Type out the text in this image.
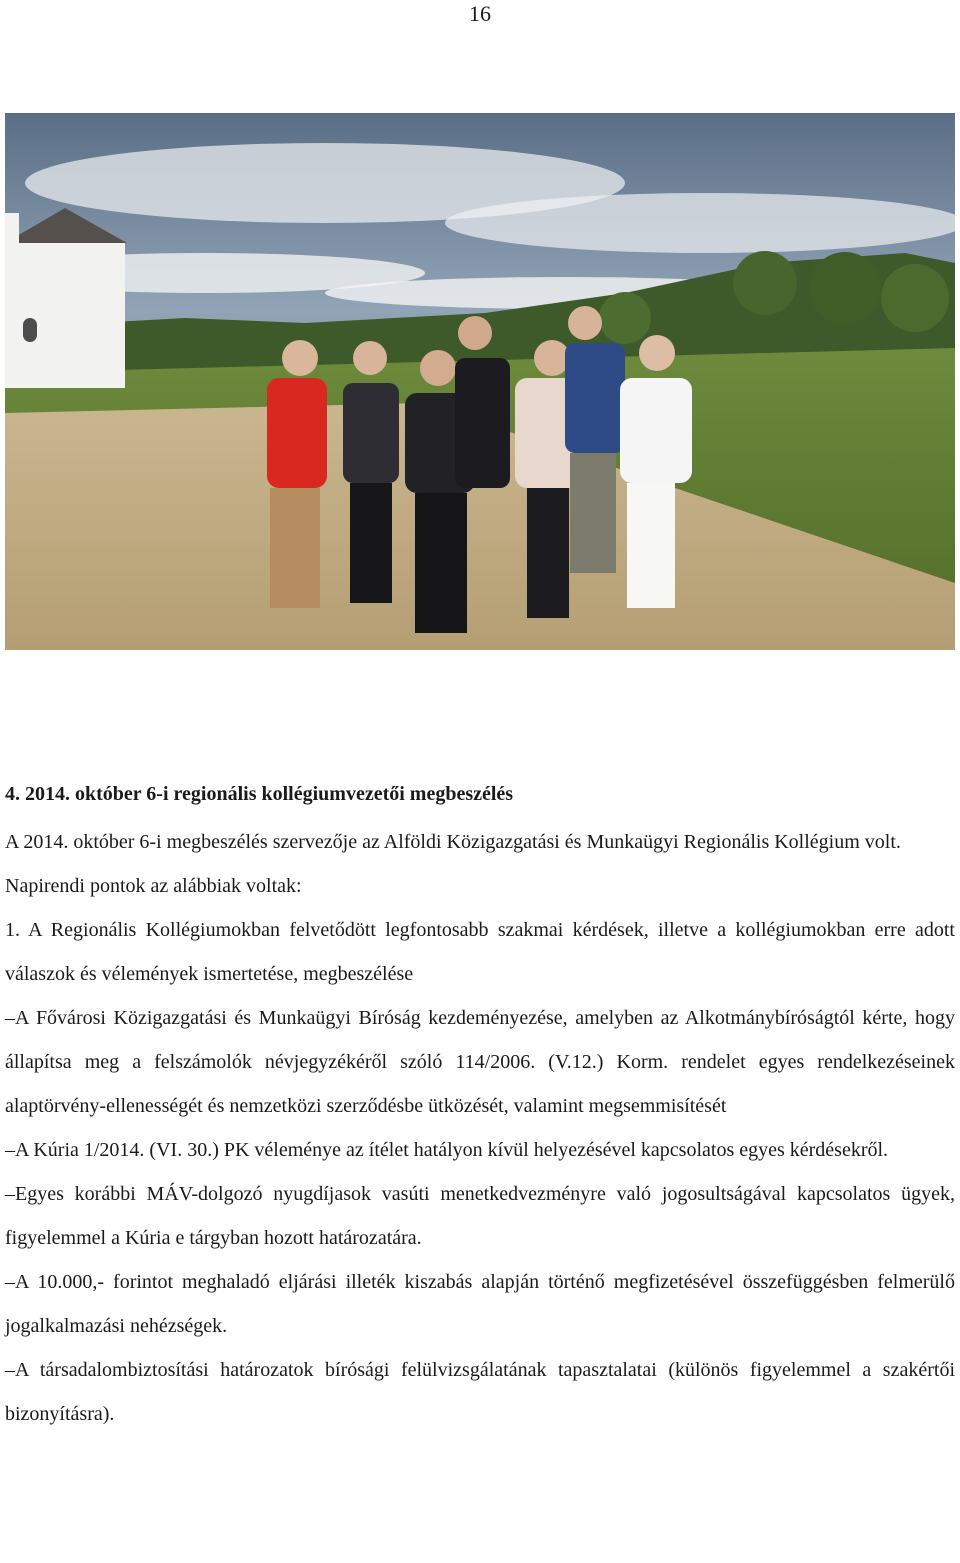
16

4. 2014. október 6-i regionális kollégiumvezetői megbeszélés

A 2014. október 6-i megbeszélés szervezője az Alföldi Közigazgatási és Munkaügyi Regionális Kollégium volt.

Napirendi pontok az alábbiak voltak:

1. A Regionális Kollégiumokban felvetődött legfontosabb szakmai kérdések, illetve a kollégiumokban erre adott válaszok és vélemények ismertetése, megbeszélése

–A Fővárosi Közigazgatási és Munkaügyi Bíróság kezdeményezése, amelyben az Alkotmánybíróságtól kérte, hogy állapítsa meg a felszámolók névjegyzékéről szóló 114/2006. (V.12.) Korm. rendelet egyes rendelkezéseinek alaptörvény-ellenességét és nemzetközi szerződésbe ütközését, valamint megsemmisítését

–A Kúria 1/2014. (VI. 30.) PK véleménye az ítélet hatályon kívül helyezésével kapcsolatos egyes kérdésekről.

–Egyes korábbi MÁV-dolgozó nyugdíjasok vasúti menetkedvezményre való jogosultságával kapcsolatos ügyek, figyelemmel a Kúria e tárgyban hozott határozatára.

–A 10.000,- forintot meghaladó eljárási illeték kiszabás alapján történő megfizetésével összefüggésben felmerülő jogalkalmazási nehézségek.

–A társadalombiztosítási határozatok bírósági felülvizsgálatának tapasztalatai (különös figyelemmel a szakértői bizonyításra).
